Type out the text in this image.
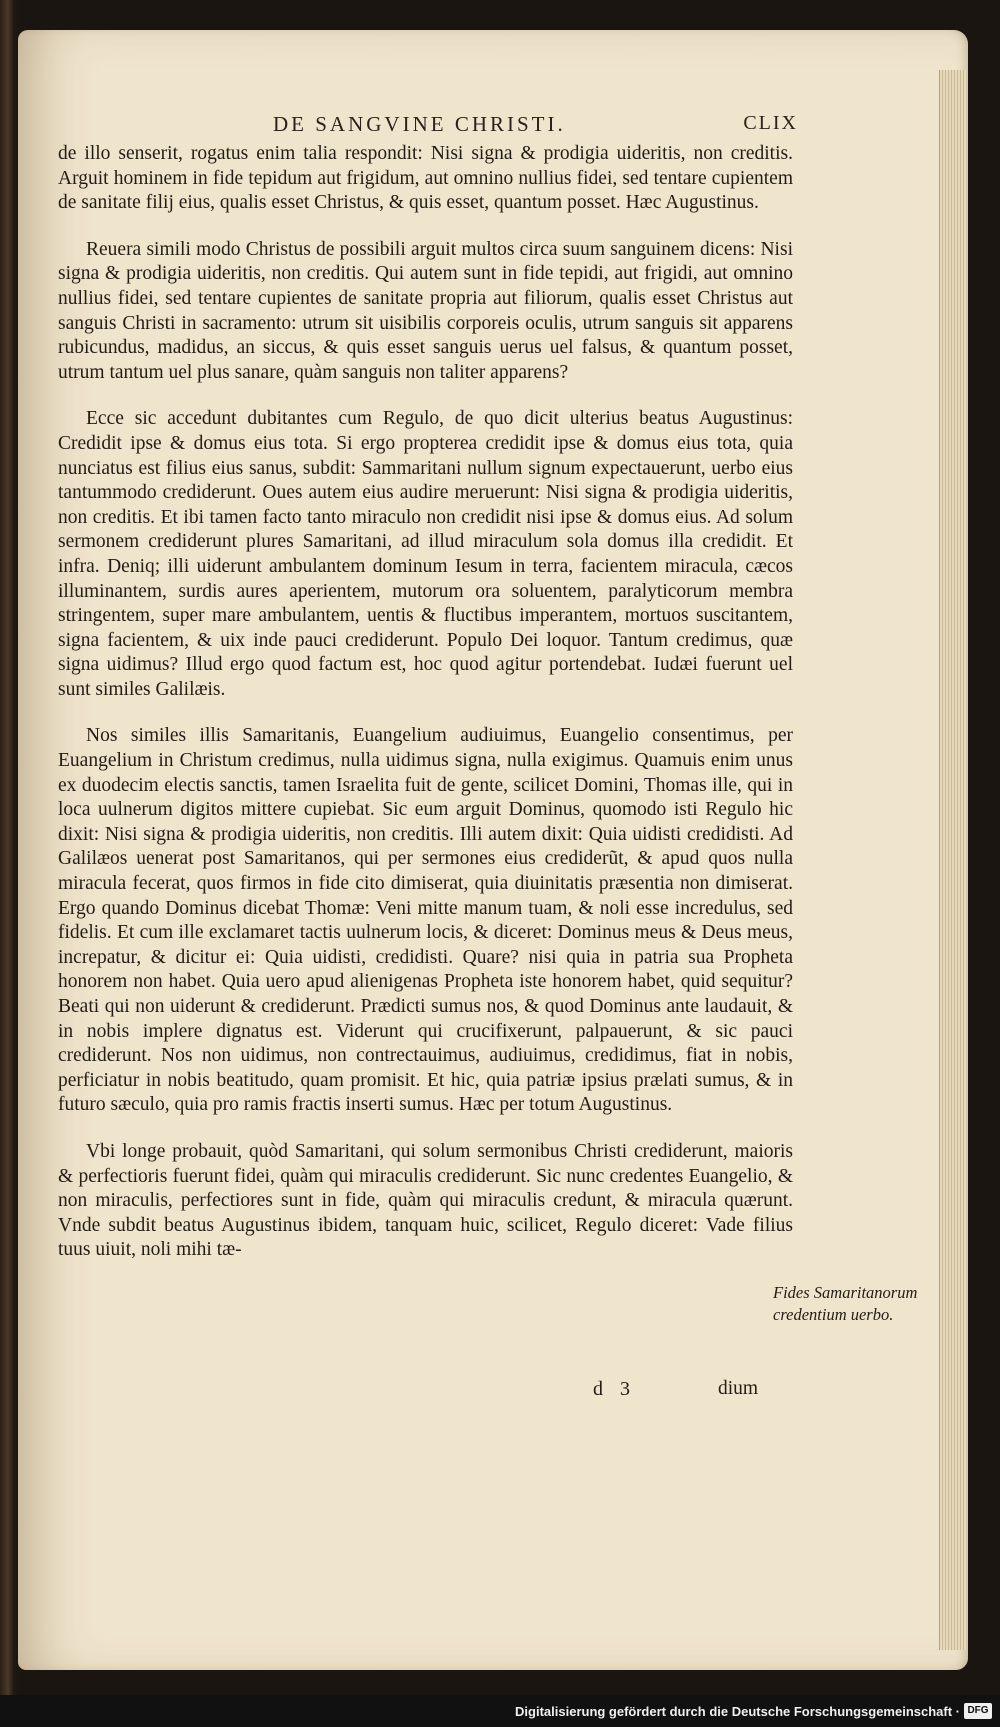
DE SANGVINE CHRISTI.	CLIX

de illo senserit, rogatus enim talia respondit: Nisi signa & prodigia uideritis, non creditis. Arguit hominem in fide tepidum aut frigidum, aut omnino nullius fidei, sed tentare cupientem de sanitate filij eius, qualis esset Christus, & quis esset, quantum posset. Hæc Augustinus.

Reuera simili modo Christus de possibili arguit multos circa suum sanguinem dicens: Nisi signa & prodigia uideritis, non creditis. Qui autem sunt in fide tepidi, aut frigidi, aut omnino nullius fidei, sed tentare cupientes de sanitate propria aut filiorum, qualis esset Christus aut sanguis Christi in sacramento: utrum sit uisibilis corporeis oculis, utrum sanguis sit apparens rubicundus, madidus, an siccus, & quis esset sanguis uerus uel falsus, & quantum posset, utrum tantum uel plus sanare, quàm sanguis non taliter apparens?

Ecce sic accedunt dubitantes cum Regulo, de quo dicit ulterius beatus Augustinus: Credidit ipse & domus eius tota. Si ergo propterea credidit ipse & domus eius tota, quia nunciatus est filius eius sanus, subdit: Sammaritani nullum signum expectauerunt, uerbo eius tantummodo crediderunt. Oues autem eius audire meruerunt: Nisi signa & prodigia uideritis, non creditis. Et ibi tamen facto tanto miraculo non credidit nisi ipse & domus eius. Ad solum sermonem crediderunt plures Samaritani, ad illud miraculum sola domus illa credidit. Et infra. Deniq; illi uiderunt ambulantem dominum Iesum in terra, facientem miracula, cæcos illuminantem, surdis aures aperientem, mutorum ora soluentem, paralyticorum membra stringentem, super mare ambulantem, uentis & fluctibus imperantem, mortuos suscitantem, signa facientem, & uix inde pauci crediderunt. Populo Dei loquor. Tantum credimus, quæ signa uidimus? Illud ergo quod factum est, hoc quod agitur portendebat. Iudæi fuerunt uel sunt similes Galilæis.

Nos similes illis Samaritanis, Euangelium audiuimus, Euangelio consentimus, per Euangelium in Christum credimus, nulla uidimus signa, nulla exigimus. Quamuis enim unus ex duodecim electis sanctis, tamen Israelita fuit de gente, scilicet Domini, Thomas ille, qui in loca uulnerum digitos mittere cupiebat. Sic eum arguit Dominus, quomodo isti Regulo hic dixit: Nisi signa & prodigia uideritis, non creditis. Illi autem dixit: Quia uidisti credidisti. Ad Galilæos uenerat post Samaritanos, qui per sermones eius crediderũt, & apud quos nulla miracula fecerat, quos firmos in fide cito dimiserat, quia diuinitatis præsentia non dimiserat. Ergo quando Dominus dicebat Thomæ: Veni mitte manum tuam, & noli esse incredulus, sed fidelis. Et cum ille exclamaret tactis uulnerum locis, & diceret: Dominus meus & Deus meus, increpatur, & dicitur ei: Quia uidisti, credidisti. Quare? nisi quia in patria sua Propheta honorem non habet. Quia uero apud alienigenas Propheta iste honorem habet, quid sequitur? Beati qui non uiderunt & crediderunt. Prædicti sumus nos, & quod Dominus ante laudauit, & in nobis implere dignatus est. Viderunt qui crucifixerunt, palpauerunt, & sic pauci crediderunt. Nos non uidimus, non contrectauimus, audiuimus, credidimus, fiat in nobis, perficiatur in nobis beatitudo, quam promisit. Et hic, quia patriæ ipsius prælati sumus, & in futuro sæculo, quia pro ramis fractis inserti sumus. Hæc per totum Augustinus.

Vbi longe probauit, quòd Samaritani, qui solum sermonibus Christi crediderunt, maioris & perfectioris fuerunt fidei, quàm qui miraculis crediderunt. Sic nunc credentes Euangelio, & non miraculis, perfectiores sunt in fide, quàm qui miraculis credunt, & miracula quærunt. Vnde subdit beatus Augustinus ibidem, tanquam huic, scilicet, Regulo diceret: Vade filius tuus uiuit, noli mihi tæ-

Fides Samaritanorum credentium uerbo.
d 3	dium
Digitalisierung gefördert durch die Deutsche Forschungsgemeinschaft · DFG
